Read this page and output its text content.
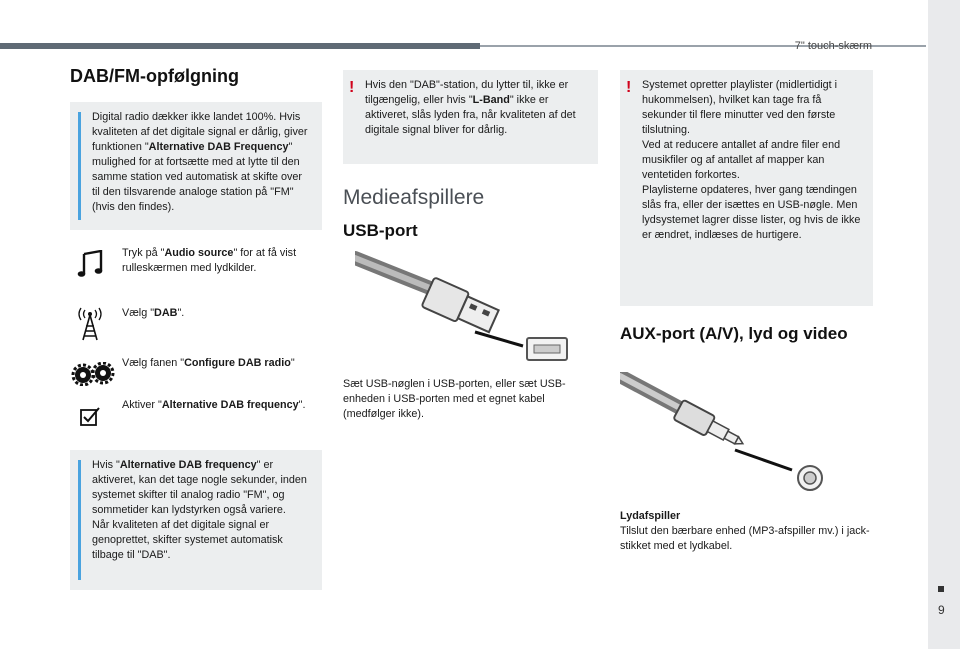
7" touch-skærm
9
DAB/FM-opfølgning

Digital radio dækker ikke landet 100%. Hvis kvaliteten af det digitale signal er dårlig, giver funktionen "Alternative DAB Frequency" mulighed for at fortsætte med at lytte til den samme station ved automatisk at skifte over til den tilsvarende analoge station på "FM" (hvis den findes).

Tryk på "Audio source" for at få vist rulleskærmen med lydkilder.
Vælg "DAB".
Vælg fanen "Configure DAB radio"
Aktiver "Alternative DAB frequency".

Hvis "Alternative DAB frequency" er aktiveret, kan det tage nogle sekunder, inden systemet skifter til analog radio "FM", og sommetider kan lydstyrken også variere.

Når kvaliteten af det digitale signal er genoprettet, skifter systemet automatisk tilbage til "DAB".

! Hvis den "DAB"-station, du lytter til, ikke er tilgængelig, eller hvis "L-Band" ikke er aktiveret, slås lyden fra, når kvaliteten af det digitale signal bliver for dårlig.

Medieafspillere
USB-port
Sæt USB-nøglen i USB-porten, eller sæt USB-enheden i USB-porten med et egnet kabel (medfølger ikke).
! Systemet opretter playlister (midlertidigt i hukommelsen), hvilket kan tage fra få sekunder til flere minutter ved den første tilslutning.

Ved at reducere antallet af andre filer end musikfiler og af antallet af mapper kan ventetiden forkortes.

Playlisterne opdateres, hver gang tændingen slås fra, eller der isættes en USB-nøgle. Men lydsystemet lagrer disse lister, og hvis de ikke er ændret, indlæses de hurtigere.

AUX-port (A/V), lyd og video
Lydafspiller
Tilslut den bærbare enhed (MP3-afspiller mv.) i jack-stikket med et lydkabel.
